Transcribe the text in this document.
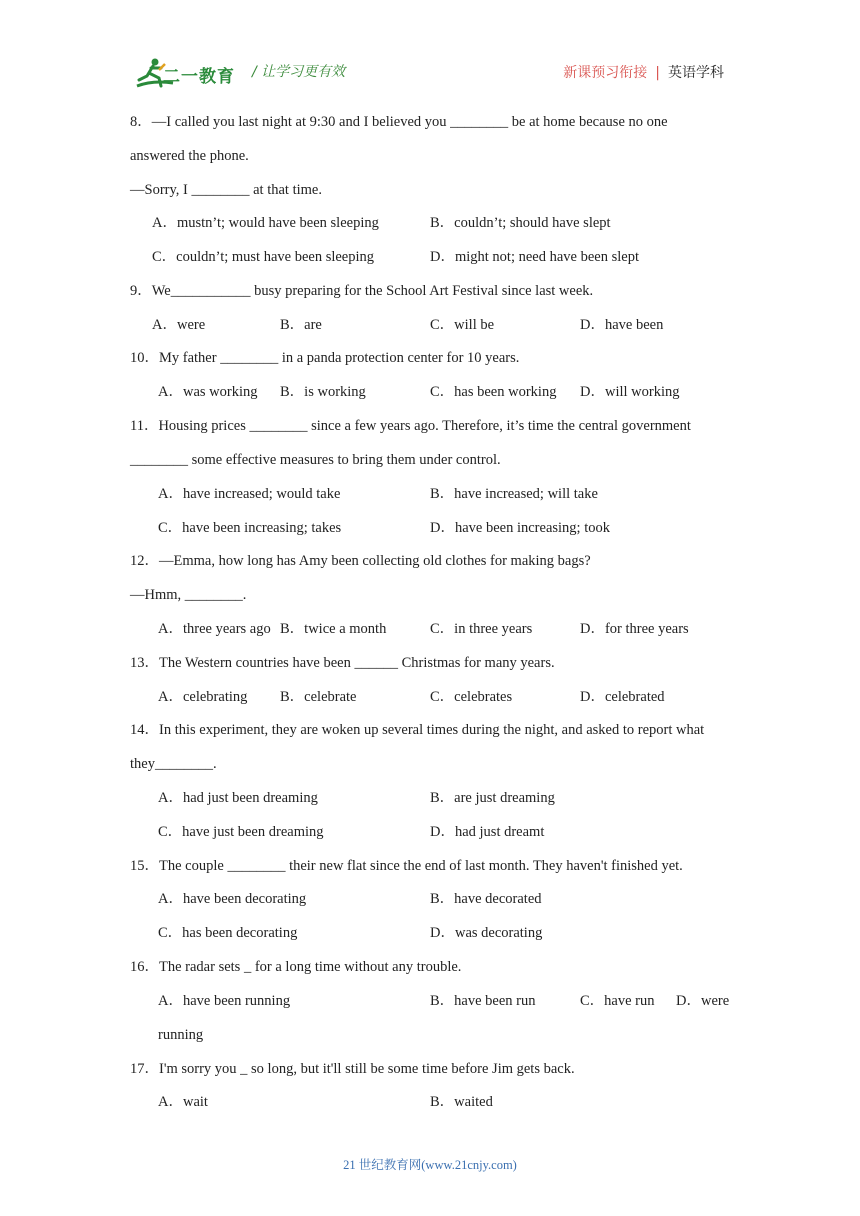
二一教育 / 让学习更有效	新课预习衔接 | 英语学科
8．—I called you last night at 9:30 and I believed you ________ be at home because no one
answered the phone.
—Sorry, I ________ at that time.
A．mustn’t; would have been sleeping	B．couldn’t; should have slept
C．couldn’t; must have been sleeping	D．might not; need have been slept
9．We___________ busy preparing for the School Art Festival since last week.
A．were	B．are	C．will be	D．have been
10．My father ________ in a panda protection center for 10 years.
A．was working B．is working	C．has been working D．will working
11．Housing prices ________ since a few years ago. Therefore, it’s time the central government
________ some effective measures to bring them under control.
A．have increased; would take	B．have increased; will take
C．have been increasing; takes	D．have been increasing; took
12．—Emma, how long has Amy been collecting old clothes for making bags?
—Hmm, ________.
A．three years ago B．twice a month	C．in three years	D．for three years
13．The Western countries have been ______ Christmas for many years.
A．celebrating B．celebrate	C．celebrates	D．celebrated
14．In this experiment, they are woken up several times during the night, and asked to report what
they________.
A．had just been dreaming	B．are just dreaming
C．have just been dreaming	D．had just dreamt
15．The couple ________ their new flat since the end of last month. They haven't finished yet.
A．have been decorating	B．have decorated
C．has been decorating	D．was decorating
16．The radar sets _ for a long time without any trouble.
A．have been running	B．have been run	C．have run D．were
running
17．I'm sorry you _ so long, but it'll still be some time before Jim gets back.
A．wait	B．waited
21 世纪教育网(www.21cnjy.com)
